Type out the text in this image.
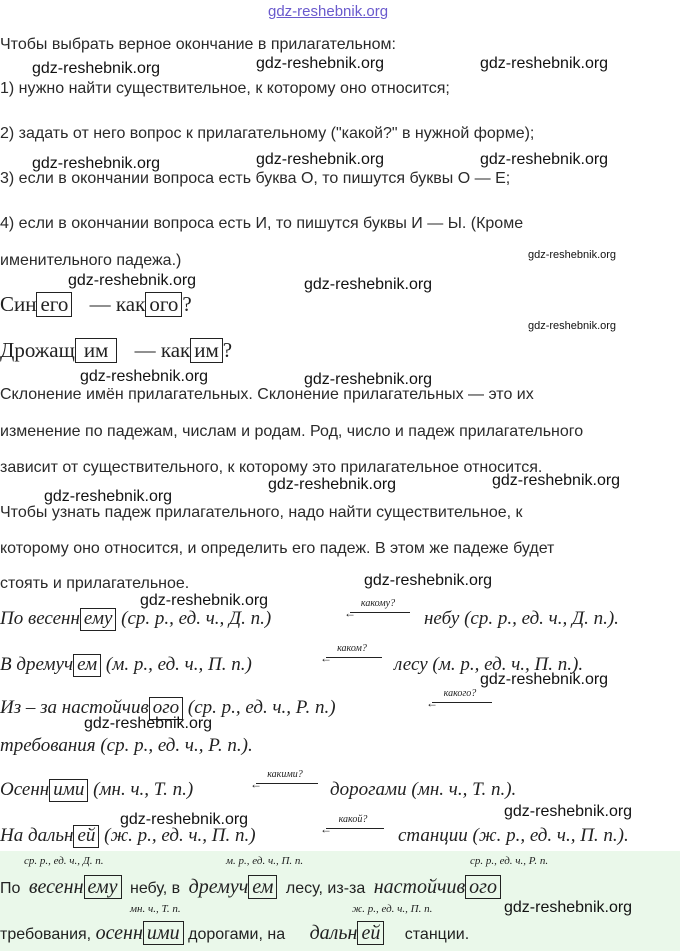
gdz-reshebnik.org
Чтобы выбрать верное окончание в прилагательном:
gdz-reshebnik.org	gdz-reshebnik.org	gdz-reshebnik.org
1) нужно найти существительное, к которому оно относится;
2) задать от него вопрос к прилагательному ("какой?" в нужной форме);
gdz-reshebnik.org	gdz-reshebnik.org	gdz-reshebnik.org
3) если в окончании вопроса есть буква О, то пишутся буквы О — Е;
4) если в окончании вопроса есть И, то пишутся буквы И — Ы. (Кроме
именительного падежа.)	gdz-reshebnik.org
gdz-reshebnik.org	gdz-reshebnik.org
Син его — как ого ?
gdz-reshebnik.org
Дрожащ им — как им ?
gdz-reshebnik.org	gdz-reshebnik.org
Склонение имён прилагательных. Склонение прилагательных — это их
изменение по падежам, числам и родам. Род, число и падеж прилагательного
зависит от существительного, к которому это прилагательное относится.
gdz-reshebnik.org
gdz-reshebnik.org	gdz-reshebnik.org
Чтобы узнать падеж прилагательного, надо найти существительное, к
которому оно относится, и определить его падеж. В этом же падеже будет
стоять и прилагательное.	gdz-reshebnik.org
gdz-reshebnik.org
По весенн ему (ср. р., ед. ч., Д. п.)
какому?
←	небу (ср. р., ед. ч., Д. п.).
В дремуч ем (м. р., ед. ч., П. п.)
каком?
←	лесу (м. р., ед. ч., П. п.).
gdz-reshebnik.org
Из – за настойчив ого (ср. р., ед. ч., Р. п.)
какого?
←
gdz-reshebnik.org
требования (ср. р., ед. ч., Р. п.).
Осенн ими (мн. ч., Т. п.)
какими?
←	дорогами (мн. ч., Т. п.).
gdz-reshebnik.org
gdz-reshebnik.org
На дальн ей (ж. р., ед. ч., П. п.)
какой?
←	станции (ж. р., ед. ч., П. п.).
ср. р., ед. ч., Д. п.	м. р., ед. ч., П. п.	ср. р., ед. ч., Р. п.
По весенн ему небу, в дремуч ем лесу, из-за настойчив ого
мн. ч., Т. п.	ж. р., ед. ч., П. п.	gdz-reshebnik.org
требования, осенн ими дорогами, на дальн ей станции.
